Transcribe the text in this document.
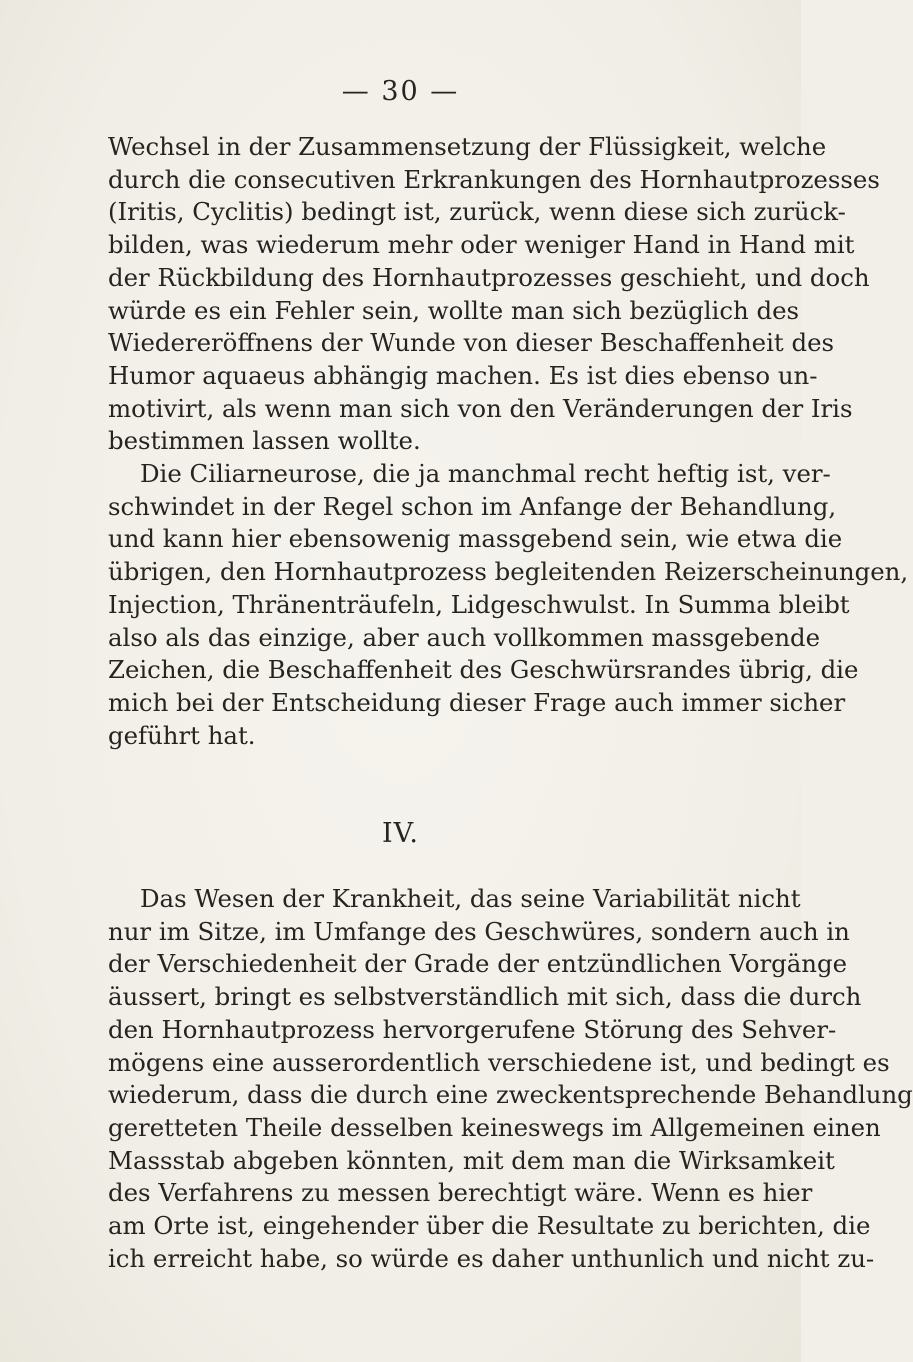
— 30 —
Wechsel in der Zusammensetzung der Flüssigkeit, welche
durch die consecutiven Erkrankungen des Hornhautprozesses
(Iritis, Cyclitis) bedingt ist, zurück, wenn diese sich zurück-
bilden, was wiederum mehr oder weniger Hand in Hand mit
der Rückbildung des Hornhautprozesses geschieht, und doch
würde es ein Fehler sein, wollte man sich bezüglich des
Wiedereröffnens der Wunde von dieser Beschaffenheit des
Humor aquaeus abhängig machen. Es ist dies ebenso un-
motivirt, als wenn man sich von den Veränderungen der Iris
bestimmen lassen wollte.
Die Ciliarneurose, die ja manchmal recht heftig ist, ver-
schwindet in der Regel schon im Anfange der Behandlung,
und kann hier ebensowenig massgebend sein, wie etwa die
übrigen, den Hornhautprozess begleitenden Reizerscheinungen,
Injection, Thränenträufeln, Lidgeschwulst. In Summa bleibt
also als das einzige, aber auch vollkommen massgebende
Zeichen, die Beschaffenheit des Geschwürsrandes übrig, die
mich bei der Entscheidung dieser Frage auch immer sicher
geführt hat.
IV.
Das Wesen der Krankheit, das seine Variabilität nicht
nur im Sitze, im Umfange des Geschwüres, sondern auch in
der Verschiedenheit der Grade der entzündlichen Vorgänge
äussert, bringt es selbstverständlich mit sich, dass die durch
den Hornhautprozess hervorgerufene Störung des Sehver-
mögens eine ausserordentlich verschiedene ist, und bedingt es
wiederum, dass die durch eine zweckentsprechende Behandlung
geretteten Theile desselben keineswegs im Allgemeinen einen
Massstab abgeben könnten, mit dem man die Wirksamkeit
des Verfahrens zu messen berechtigt wäre. Wenn es hier
am Orte ist, eingehender über die Resultate zu berichten, die
ich erreicht habe, so würde es daher unthunlich und nicht zu-
